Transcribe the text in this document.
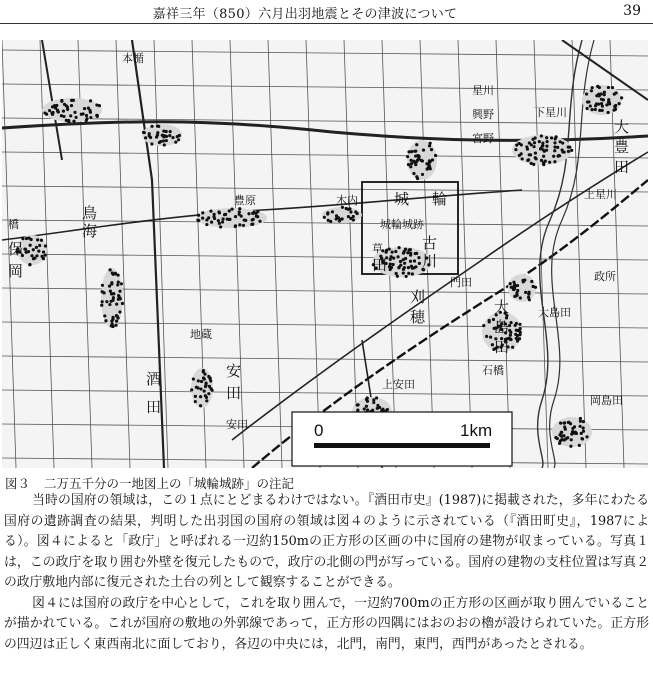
嘉祥三年（850）六月出羽地震とその津波について	39
本楯
星川
興野
宮野
大
豊
田
上星川
下星川
豊原	木内 城 輪
城輪城跡
鳥
海
橋
保
岡
古
川
草
田
門田
刈
穂
政所
大
島
田
大島田
石橋
地蔵
安
田	上安田
酒
田
安田
岡島田
0	1km
図３ 二万五千分の一地図上の「城輪城跡」の注記

当時の国府の領域は，この１点にとどまるわけではない。『酒田市史』(1987)に掲載された，多年にわたる国府の遺跡調査の結果，判明した出羽国の国府の領域は図４のように示されている（『酒田町史』，1987による）。図４によると「政庁」と呼ばれる一辺約150mの正方形の区画の中に国府の建物が収まっている。写真１は，この政庁を取り囲む外壁を復元したもので，政庁の北側の門が写っている。国府の建物の支柱位置は写真２の政庁敷地内部に復元された土台の列として観察することができる。

図４には国府の政庁を中心として，これを取り囲んで，一辺約700mの正方形の区画が取り囲んでいることが描かれている。これが国府の敷地の外郭線であって，正方形の四隅にはおのおの櫓が設けられていた。正方形の四辺は正しく東西南北に面しており，各辺の中央には，北門，南門，東門，西門があったとされる。
